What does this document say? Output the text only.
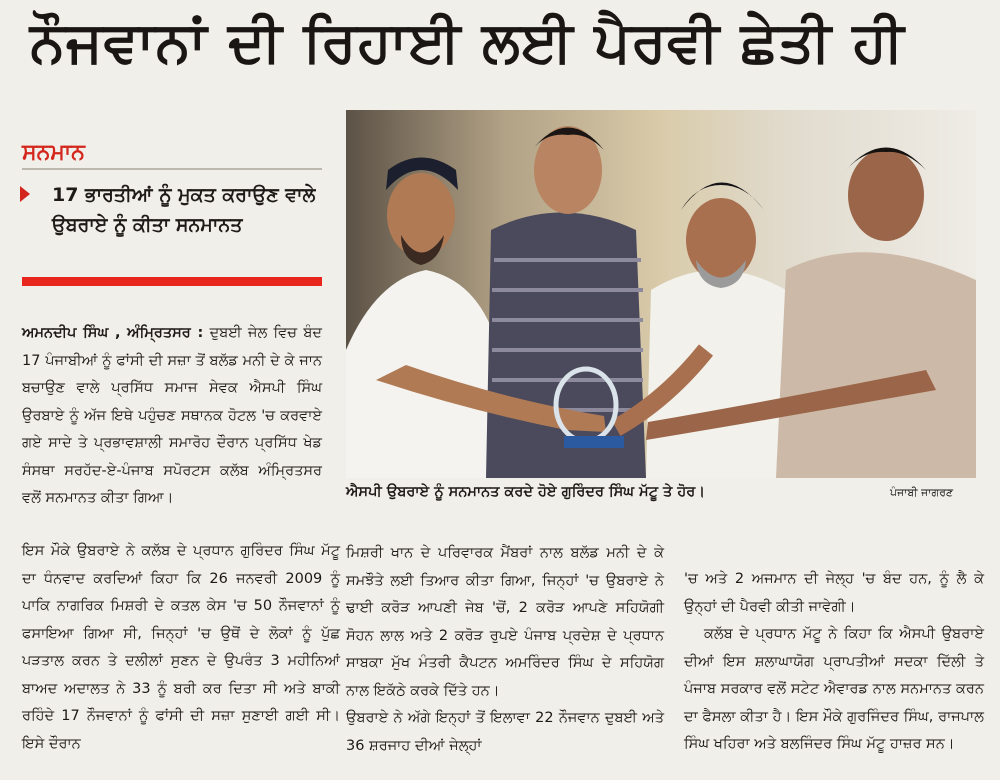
ਨੌਜਵਾਨਾਂ ਦੀ ਰਿਹਾਈ ਲਈ ਪੈਰਵੀ ਛੇਤੀ ਹੀ
ਸਨਮਾਨ
17 ਭਾਰਤੀਆਂ ਨੂੰ ਮੁਕਤ ਕਰਾਉਣ ਵਾਲੇ ਉਬਰਾਏ ਨੂੰ ਕੀਤਾ ਸਨਮਾਨਤ

ਅਮਨਦੀਪ ਸਿੰਘ , ਅੰਮ੍ਰਿਤਸਰ : ਦੁਬਈ ਜੇਲ ਵਿਚ ਬੰਦ 17 ਪੰਜਾਬੀਆਂ ਨੂੰ ਫਾਂਸੀ ਦੀ ਸਜ਼ਾ ਤੋਂ ਬਲੱਡ ਮਨੀ ਦੇ ਕੇ ਜਾਨ ਬਚਾਉਣ ਵਾਲੇ ਪ੍ਰਸਿੱਧ ਸਮਾਜ ਸੇਵਕ ਐਸਪੀ ਸਿੰਘ ਉਰਬਾਏ ਨੂੰ ਅੱਜ ਇਥੇ ਪਹੁੰਚਣ ਸਥਾਨਕ ਹੋਟਲ 'ਚ ਕਰਵਾਏ ਗਏ ਸਾਦੇ ਤੇ ਪ੍ਰਭਾਵਸ਼ਾਲੀ ਸਮਾਰੋਹ ਦੌਰਾਨ ਪ੍ਰਸਿੱਧ ਖੇਡ ਸੰਸਥਾ ਸਰਹੱਦ-ਏ-ਪੰਜਾਬ ਸਪੋਰਟਸ ਕਲੱਬ ਅੰਮ੍ਰਿਤਸਰ ਵਲੋਂ ਸਨਮਾਨਤ ਕੀਤਾ ਗਿਆ।

ਇਸ ਮੌਕੇ ਉਬਰਾਏ ਨੇ ਕਲੱਬ ਦੇ ਪ੍ਰਧਾਨ ਗੁਰਿੰਦਰ ਸਿੰਘ ਮੱਟੂ ਦਾ ਧੰਨਵਾਦ ਕਰਦਿਆਂ ਕਿਹਾ ਕਿ 26 ਜਨਵਰੀ 2009 ਨੂੰ ਪਾਕਿ ਨਾਗਰਿਕ ਮਿਸ਼ਰੀ ਦੇ ਕਤਲ ਕੇਸ 'ਚ 50 ਨੌਜਵਾਨਾਂ ਨੂੰ ਫਸਾਇਆ ਗਿਆ ਸੀ, ਜਿਨ੍ਹਾਂ 'ਚ ਉਥੋਂ ਦੇ ਲੋਕਾਂ ਨੂੰ ਪੁੱਛ ਪੜਤਾਲ ਕਰਨ ਤੇ ਦਲੀਲਾਂ ਸੁਣਨ ਦੇ ਉਪਰੰਤ 3 ਮਹੀਨਿਆਂ ਬਾਅਦ ਅਦਾਲਤ ਨੇ 33 ਨੂੰ ਬਰੀ ਕਰ ਦਿਤਾ ਸੀ ਅਤੇ ਬਾਕੀ ਰਹਿੰਦੇ 17 ਨੌਜਵਾਨਾਂ ਨੂੰ ਫਾਂਸੀ ਦੀ ਸਜ਼ਾ ਸੁਣਾਈ ਗਈ ਸੀ। ਇਸੇ ਦੌਰਾਨ

ਐਸਪੀ ਉਬਰਾਏ ਨੂੰ ਸਨਮਾਨਤ ਕਰਦੇ ਹੋਏ ਗੁਰਿੰਦਰ ਸਿੰਘ ਮੱਟੂ ਤੇ ਹੋਰ।	ਪੰਜਾਬੀ ਜਾਗਰਣ

ਮਿਸ਼ਰੀ ਖਾਨ ਦੇ ਪਰਿਵਾਰਕ ਮੈਂਬਰਾਂ ਨਾਲ ਬਲੱਡ ਮਨੀ ਦੇ ਕੇ ਸਮਝੌਤੇ ਲਈ ਤਿਆਰ ਕੀਤਾ ਗਿਆ, ਜਿਨ੍ਹਾਂ 'ਚ ਉਬਰਾਏ ਨੇ ਢਾਈ ਕਰੋੜ ਆਪਣੀ ਜੇਬ 'ਚੋਂ, 2 ਕਰੋੜ ਆਪਣੇ ਸਹਿਯੋਗੀ ਸੋਹਨ ਲਾਲ ਅਤੇ 2 ਕਰੋੜ ਰੁਪਏ ਪੰਜਾਬ ਪ੍ਰਦੇਸ਼ ਦੇ ਪ੍ਰਧਾਨ ਸਾਬਕਾ ਮੁੱਖ ਮੰਤਰੀ ਕੈਪਟਨ ਅਮਰਿੰਦਰ ਸਿੰਘ ਦੇ ਸਹਿਯੋਗ ਨਾਲ ਇਕੱਠੇ ਕਰਕੇ ਦਿੱਤੇ ਹਨ।

ਉਬਰਾਏ ਨੇ ਅੱਗੇ ਇਨ੍ਹਾਂ ਤੋਂ ਇਲਾਵਾ 22 ਨੌਜਵਾਨ ਦੁਬਈ ਅਤੇ 36 ਸ਼ਰਜਾਹ ਦੀਆਂ ਜੇਲ੍ਹਾਂ

'ਚ ਅਤੇ 2 ਅਜਮਾਨ ਦੀ ਜੇਲ੍ਹ 'ਚ ਬੰਦ ਹਨ, ਨੂੰ ਲੈ ਕੇ ਉਨ੍ਹਾਂ ਦੀ ਪੈਰਵੀ ਕੀਤੀ ਜਾਵੇਗੀ।

ਕਲੱਬ ਦੇ ਪ੍ਰਧਾਨ ਮੱਟੂ ਨੇ ਕਿਹਾ ਕਿ ਐਸਪੀ ਉਬਰਾਏ ਦੀਆਂ ਇਸ ਸ਼ਲਾਘਾਯੋਗ ਪ੍ਰਾਪਤੀਆਂ ਸਦਕਾ ਦਿੱਲੀ ਤੇ ਪੰਜਾਬ ਸਰਕਾਰ ਵਲੋਂ ਸਟੇਟ ਐਵਾਰਡ ਨਾਲ ਸਨਮਾਨਤ ਕਰਨ ਦਾ ਫੈਸਲਾ ਕੀਤਾ ਹੈ। ਇਸ ਮੌਕੇ ਗੁਰਜਿੰਦਰ ਸਿੰਘ, ਰਾਜਪਾਲ ਸਿੰਘ ਖਹਿਰਾ ਅਤੇ ਬਲਜਿੰਦਰ ਸਿੰਘ ਮੱਟੂ ਹਾਜ਼ਰ ਸਨ।
